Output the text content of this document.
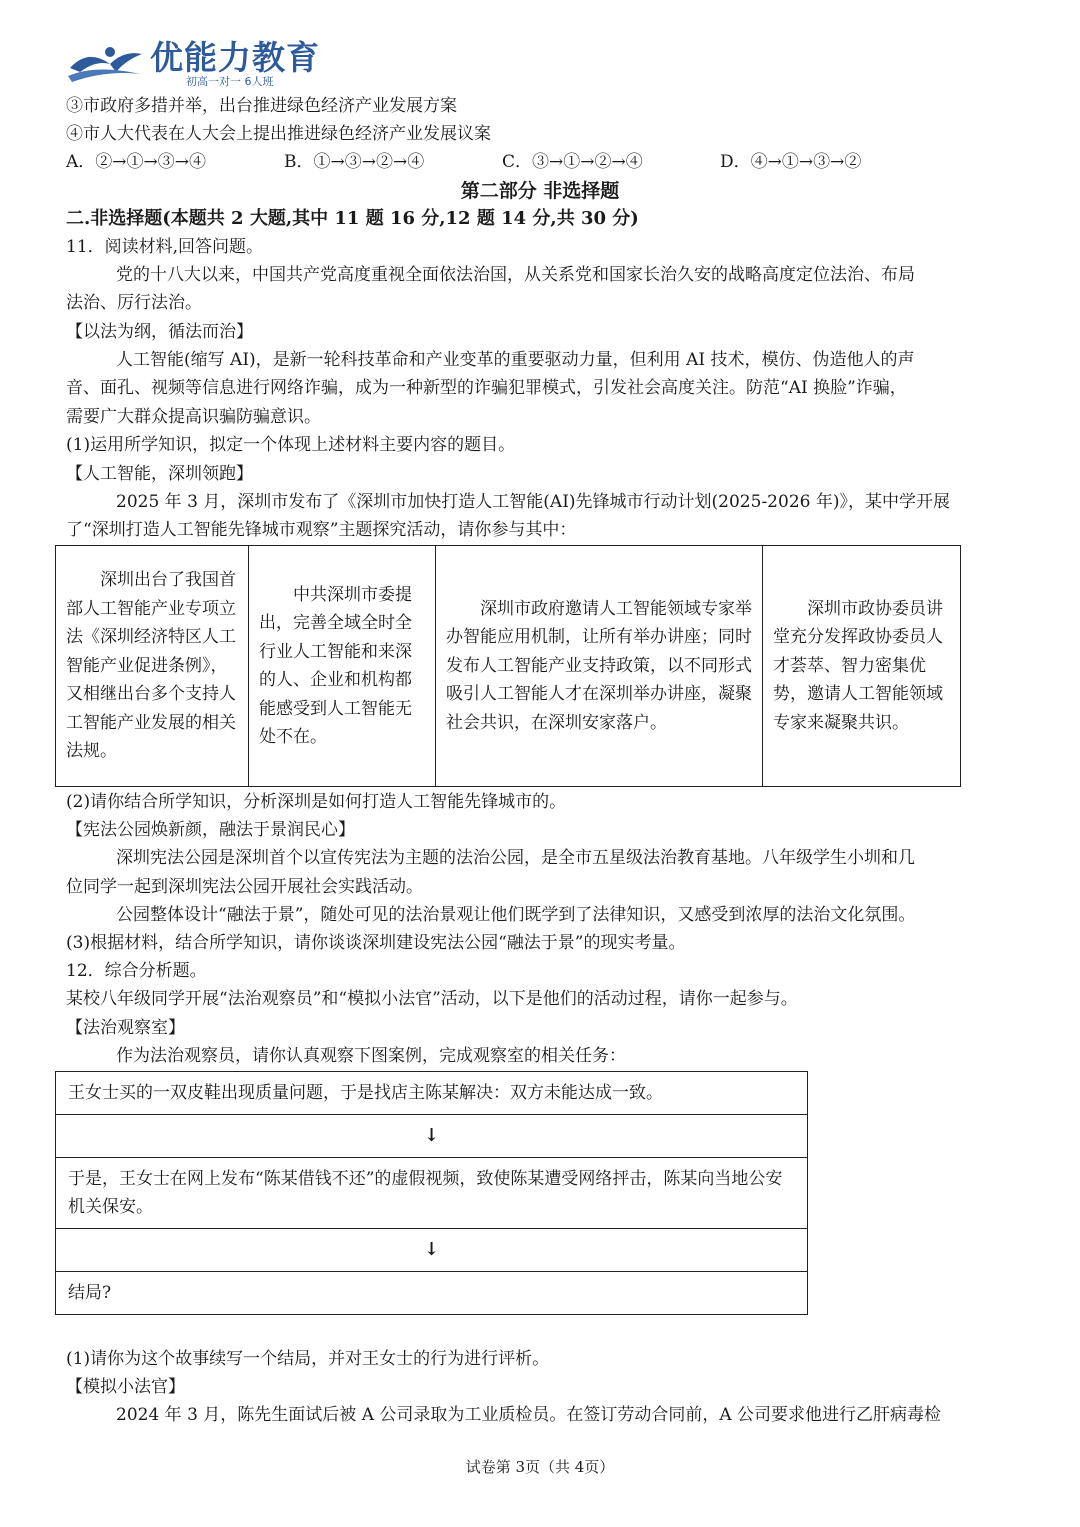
优能力教育
初高一对一 6人班
③市政府多措并举，出台推进绿色经济产业发展方案
④市人大代表在人大会上提出推进绿色经济产业发展议案
A．②→①→③→④	B．①→③→②→④	C．③→①→②→④	D．④→①→③→②
第二部分 非选择题
二.非选择题(本题共 2 大题,其中 11 题 16 分,12 题 14 分,共 30 分)
11．阅读材料,回答问题。
党的十八大以来，中国共产党高度重视全面依法治国，从关系党和国家长治久安的战略高度定位法治、布局
法治、厉行法治。
【以法为纲，循法而治】
人工智能(缩写 AI)，是新一轮科技革命和产业变革的重要驱动力量，但利用 AI 技术，模仿、伪造他人的声
音、面孔、视频等信息进行网络诈骗，成为一种新型的诈骗犯罪模式，引发社会高度关注。防范“AI 换脸”诈骗，
需要广大群众提高识骗防骗意识。
(1)运用所学知识，拟定一个体现上述材料主要内容的题目。
【人工智能，深圳领跑】
2025 年 3 月，深圳市发布了《深圳市加快打造人工智能(AI)先锋城市行动计划(2025-2026 年)》，某中学开展
了“深圳打造人工智能先锋城市观察”主题探究活动，请你参与其中：
深圳出台了我国首部人工智能产业专项立法《深圳经济特区人工智能产业促进条例》，又相继出台多个支持人工智能产业发展的相关法规。	中共深圳市委提出，完善全域全时全行业人工智能和来深的人、企业和机构都能感受到人工智能无处不在。	深圳市政府邀请人工智能领域专家举办智能应用机制，让所有举办讲座；同时发布人工智能产业支持政策，以不同形式吸引人工智能人才在深圳举办讲座，凝聚社会共识，在深圳安家落户。	深圳市政协委员讲堂充分发挥政协委员人才荟萃、智力密集优势，邀请人工智能领域专家来凝聚共识。
(2)请你结合所学知识，分析深圳是如何打造人工智能先锋城市的。
【宪法公园焕新颜，融法于景润民心】
深圳宪法公园是深圳首个以宣传宪法为主题的法治公园，是全市五星级法治教育基地。八年级学生小圳和几
位同学一起到深圳宪法公园开展社会实践活动。
公园整体设计“融法于景”，随处可见的法治景观让他们既学到了法律知识，又感受到浓厚的法治文化氛围。
(3)根据材料，结合所学知识，请你谈谈深圳建设宪法公园“融法于景”的现实考量。
12．综合分析题。
某校八年级同学开展“法治观察员”和“模拟小法官”活动，以下是他们的活动过程，请你一起参与。
【法治观察室】
作为法治观察员，请你认真观察下图案例，完成观察室的相关任务：
王女士买的一双皮鞋出现质量问题，于是找店主陈某解决：双方未能达成一致。
↓
于是，王女士在网上发布“陈某借钱不还”的虚假视频，致使陈某遭受网络抨击，陈某向当地公安机关保安。
↓
结局?
(1)请你为这个故事续写一个结局，并对王女士的行为进行评析。
【模拟小法官】
2024 年 3 月，陈先生面试后被 A 公司录取为工业质检员。在签订劳动合同前，A 公司要求他进行乙肝病毒检
试卷第 3页（共 4页）
